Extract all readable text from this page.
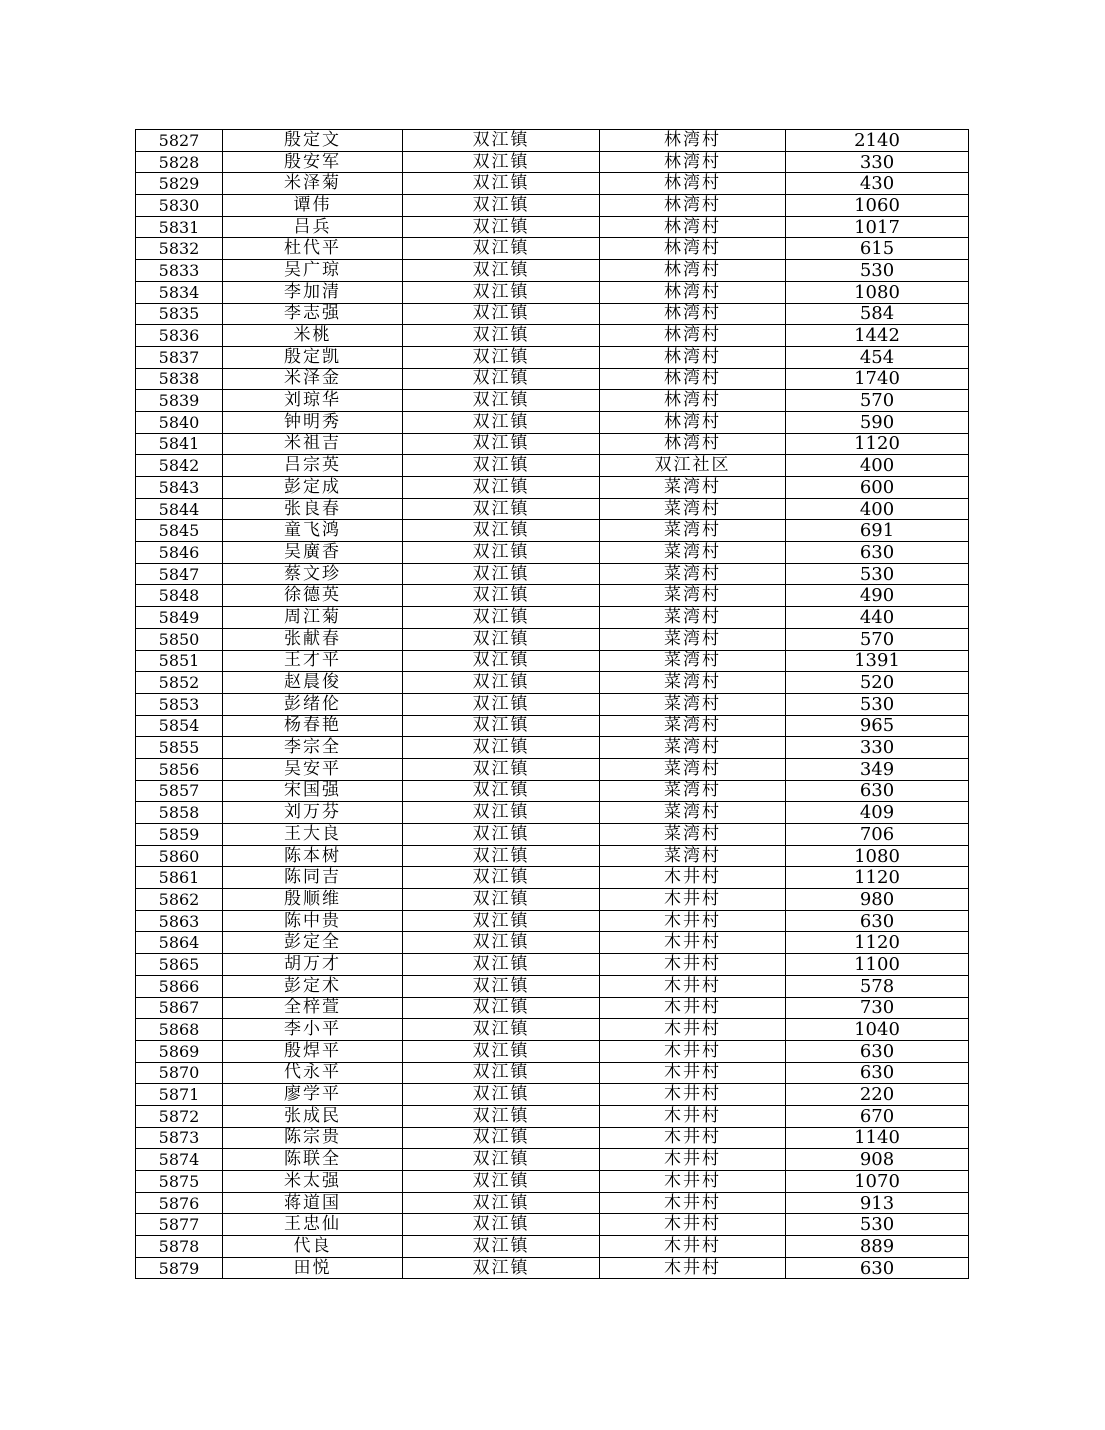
5827	殷定文	双江镇	林湾村	2140
5828	殷安军	双江镇	林湾村	330
5829	米泽菊	双江镇	林湾村	430
5830	谭伟	双江镇	林湾村	1060
5831	吕兵	双江镇	林湾村	1017
5832	杜代平	双江镇	林湾村	615
5833	吴广琼	双江镇	林湾村	530
5834	李加清	双江镇	林湾村	1080
5835	李志强	双江镇	林湾村	584
5836	米桃	双江镇	林湾村	1442
5837	殷定凯	双江镇	林湾村	454
5838	米泽金	双江镇	林湾村	1740
5839	刘琼华	双江镇	林湾村	570
5840	钟明秀	双江镇	林湾村	590
5841	米祖吉	双江镇	林湾村	1120
5842	吕宗英	双江镇	双江社区	400
5843	彭定成	双江镇	菜湾村	600
5844	张良春	双江镇	菜湾村	400
5845	童飞鸿	双江镇	菜湾村	691
5846	吴廣香	双江镇	菜湾村	630
5847	蔡文珍	双江镇	菜湾村	530
5848	徐德英	双江镇	菜湾村	490
5849	周江菊	双江镇	菜湾村	440
5850	张献春	双江镇	菜湾村	570
5851	王才平	双江镇	菜湾村	1391
5852	赵晨俊	双江镇	菜湾村	520
5853	彭绪伦	双江镇	菜湾村	530
5854	杨春艳	双江镇	菜湾村	965
5855	李宗全	双江镇	菜湾村	330
5856	吴安平	双江镇	菜湾村	349
5857	宋国强	双江镇	菜湾村	630
5858	刘万芬	双江镇	菜湾村	409
5859	王大良	双江镇	菜湾村	706
5860	陈本树	双江镇	菜湾村	1080
5861	陈同吉	双江镇	木井村	1120
5862	殷顺维	双江镇	木井村	980
5863	陈中贵	双江镇	木井村	630
5864	彭定全	双江镇	木井村	1120
5865	胡万才	双江镇	木井村	1100
5866	彭定术	双江镇	木井村	578
5867	全梓萱	双江镇	木井村	730
5868	李小平	双江镇	木井村	1040
5869	殷焊平	双江镇	木井村	630
5870	代永平	双江镇	木井村	630
5871	廖学平	双江镇	木井村	220
5872	张成民	双江镇	木井村	670
5873	陈宗贵	双江镇	木井村	1140
5874	陈联全	双江镇	木井村	908
5875	米太强	双江镇	木井村	1070
5876	蒋道国	双江镇	木井村	913
5877	王忠仙	双江镇	木井村	530
5878	代良	双江镇	木井村	889
5879	田悦	双江镇	木井村	630
